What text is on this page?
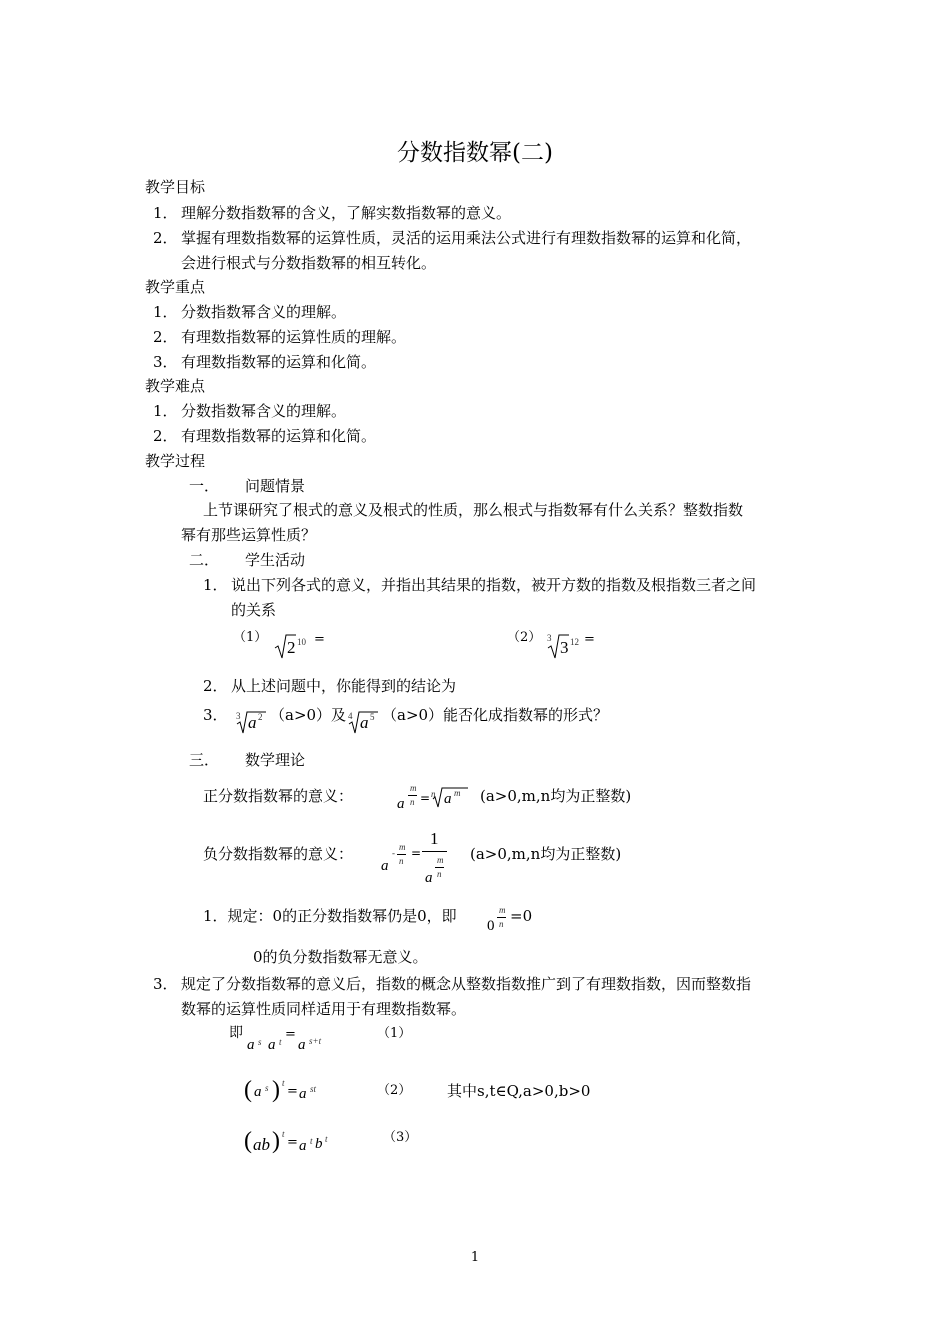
分数指数幂(二)
教学目标
1． 理解分数指数幂的含义，了解实数指数幂的意义。
2． 掌握有理数指数幂的运算性质，灵活的运用乘法公式进行有理数指数幂的运算和化简，
会进行根式与分数指数幂的相互转化。
教学重点
1． 分数指数幂含义的理解。
2． 有理数指数幂的运算性质的理解。
3． 有理数指数幂的运算和化简。
教学难点
1． 分数指数幂含义的理解。
2． 有理数指数幂的运算和化简。
教学过程
一． 问题情景
上节课研究了根式的意义及根式的性质，那么根式与指数幂有什么关系？整数指数
幂有那些运算性质？
二． 学生活动
1． 说出下列各式的意义，并指出其结果的指数，被开方数的指数及根指数三者之间
的关系
（1）
2 10 =	（2） 3 3 12 =
2． 从上述问题中，你能得到的结论为
3． 3 a 2 （a>0）及 4 a 5 （a>0）能否化成指数幂的形式？
三． 数学理论
正分数指数幂的意义：	a
m
n = n a m (a>0,m,n均为正整数)
负分数指数幂的意义：
a
-
m
n
=
1
a
m
n
(a>0,m,n均为正整数)
1．规定：0的正分数指数幂仍是0，即
0
m
n =0
0的负分数指数幂无意义。
3． 规定了分数指数幂的意义后，指数的概念从整数指数推广到了有理数指数，因而整数指
数幂的运算性质同样适用于有理数指数幂。
即
a s a t =
a s+t	（1）
( a s ) t
= a st	（2） 其中s,t∈Q,a>0,b>0
( ab ) t
= a t b t	（3）
1
